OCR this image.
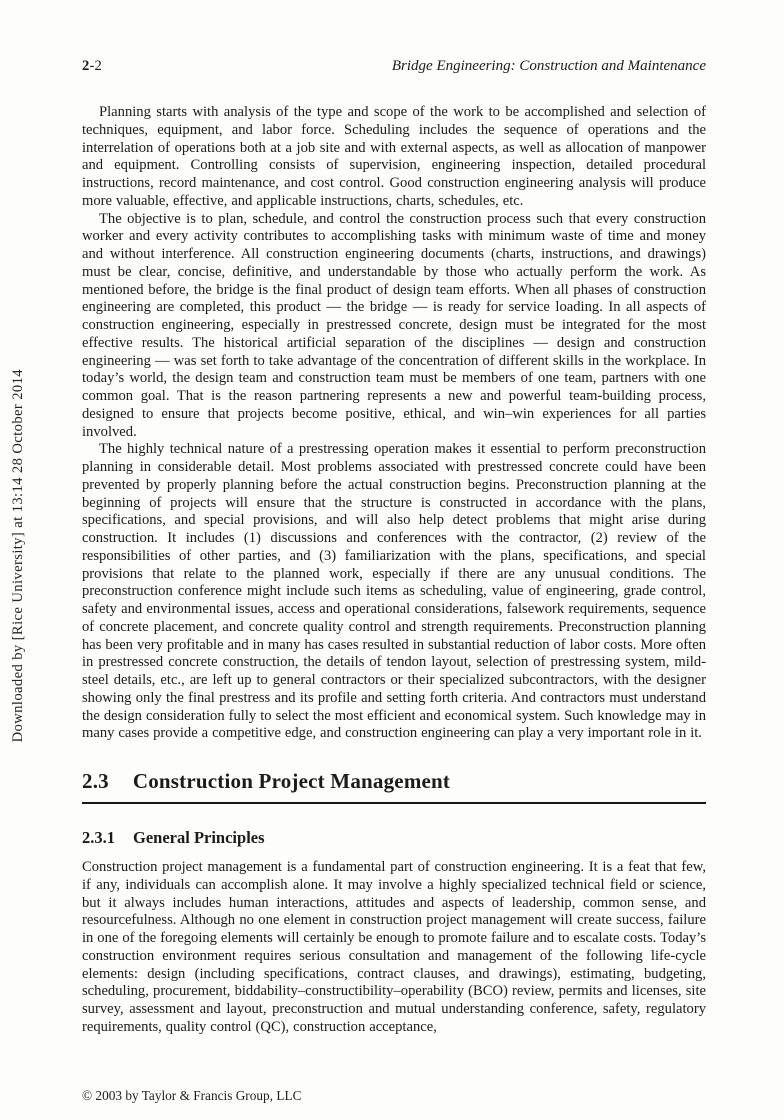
Downloaded by [Rice University] at 13:14 28 October 2014
2-2	Bridge Engineering: Construction and Maintenance

Planning starts with analysis of the type and scope of the work to be accomplished and selection of techniques, equipment, and labor force. Scheduling includes the sequence of operations and the interrelation of operations both at a job site and with external aspects, as well as allocation of manpower and equipment. Controlling consists of supervision, engineering inspection, detailed procedural instructions, record maintenance, and cost control. Good construction engineering analysis will produce more valuable, effective, and applicable instructions, charts, schedules, etc.

The objective is to plan, schedule, and control the construction process such that every construction worker and every activity contributes to accomplishing tasks with minimum waste of time and money and without interference. All construction engineering documents (charts, instructions, and drawings) must be clear, concise, definitive, and understandable by those who actually perform the work. As mentioned before, the bridge is the final product of design team efforts. When all phases of construction engineering are completed, this product — the bridge — is ready for service loading. In all aspects of construction engineering, especially in prestressed concrete, design must be integrated for the most effective results. The historical artificial separation of the disciplines — design and construction engineering — was set forth to take advantage of the concentration of different skills in the workplace. In today’s world, the design team and construction team must be members of one team, partners with one common goal. That is the reason partnering represents a new and powerful team-building process, designed to ensure that projects become positive, ethical, and win–win experiences for all parties involved.

The highly technical nature of a prestressing operation makes it essential to perform preconstruction planning in considerable detail. Most problems associated with prestressed concrete could have been prevented by properly planning before the actual construction begins. Preconstruction planning at the beginning of projects will ensure that the structure is constructed in accordance with the plans, specifications, and special provisions, and will also help detect problems that might arise during construction. It includes (1) discussions and conferences with the contractor, (2) review of the responsibilities of other parties, and (3) familiarization with the plans, specifications, and special provisions that relate to the planned work, especially if there are any unusual conditions. The preconstruction conference might include such items as scheduling, value of engineering, grade control, safety and environmental issues, access and operational considerations, falsework requirements, sequence of concrete placement, and concrete quality control and strength requirements. Preconstruction planning has been very profitable and in many has cases resulted in substantial reduction of labor costs. More often in prestressed concrete construction, the details of tendon layout, selection of prestressing system, mild-steel details, etc., are left up to general contractors or their specialized subcontractors, with the designer showing only the final prestress and its profile and setting forth criteria. And contractors must understand the design consideration fully to select the most efficient and economical system. Such knowledge may in many cases provide a competitive edge, and construction engineering can play a very important role in it.

2.3 Construction Project Management
2.3.1 General Principles

Construction project management is a fundamental part of construction engineering. It is a feat that few, if any, individuals can accomplish alone. It may involve a highly specialized technical field or science, but it always includes human interactions, attitudes and aspects of leadership, common sense, and resourcefulness. Although no one element in construction project management will create success, failure in one of the foregoing elements will certainly be enough to promote failure and to escalate costs. Today’s construction environment requires serious consultation and management of the following life-cycle elements: design (including specifications, contract clauses, and drawings), estimating, budgeting, scheduling, procurement, biddability–constructibility–operability (BCO) review, permits and licenses, site survey, assessment and layout, preconstruction and mutual understanding conference, safety, regulatory requirements, quality control (QC), construction acceptance,

© 2003 by Taylor & Francis Group, LLC
